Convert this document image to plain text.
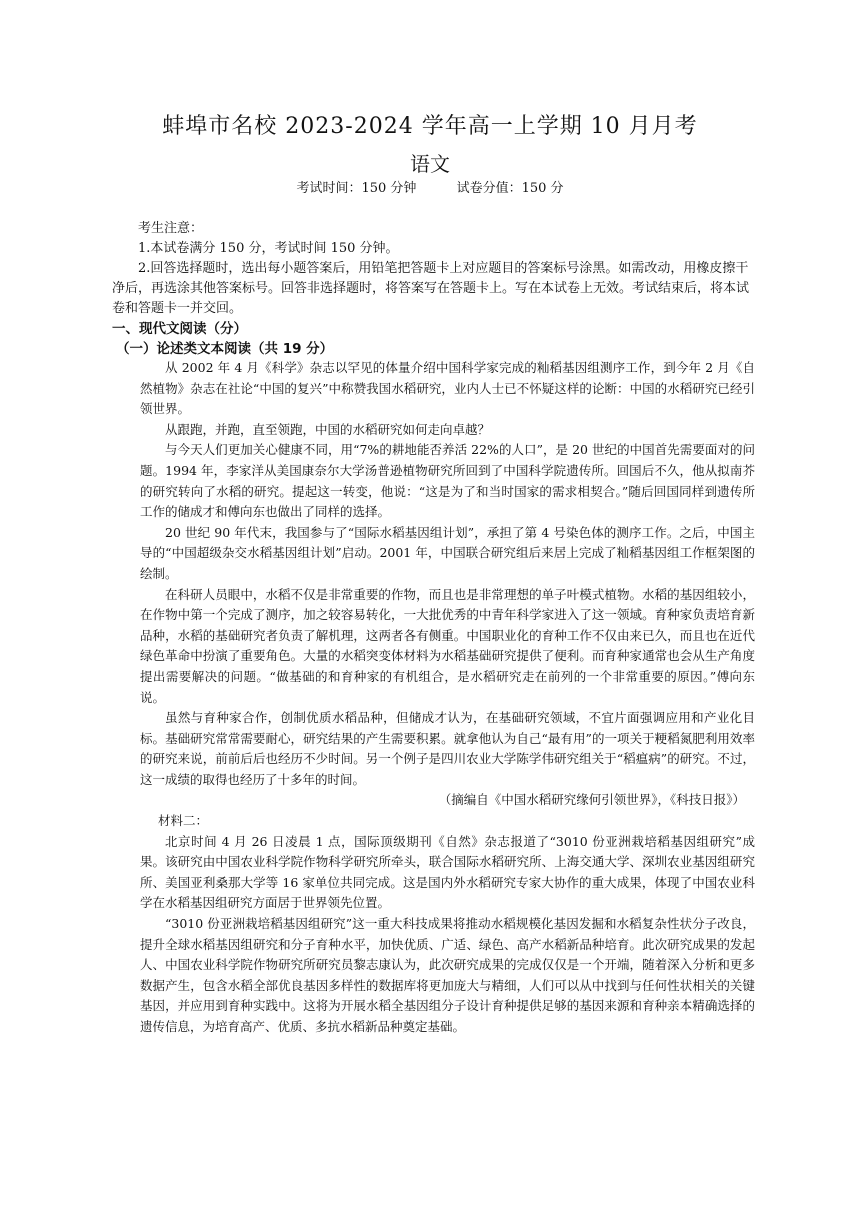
蚌埠市名校 2023-2024 学年高一上学期 10 月月考
语文
考试时间：150 分钟	试卷分值：150 分

考生注意：

1.本试卷满分 150 分，考试时间 150 分钟。

2.回答选择题时，选出每小题答案后，用铅笔把答题卡上对应题目的答案标号涂黑。如需改动，用橡皮擦干净后，再选涂其他答案标号。回答非选择题时，将答案写在答题卡上。写在本试卷上无效。考试结束后，将本试卷和答题卡一并交回。

一、现代文阅读（分）
（一）论述类文本阅读（共 19 分）

从 2002 年 4 月《科学》杂志以罕见的体量介绍中国科学家完成的籼稻基因组测序工作，到今年 2 月《自然植物》杂志在社论“中国的复兴”中称赞我国水稻研究，业内人士已不怀疑这样的论断：中国的水稻研究已经引领世界。

从跟跑，并跑，直至领跑，中国的水稻研究如何走向卓越？

与今天人们更加关心健康不同，用“7%的耕地能否养活 22%的人口”，是 20 世纪的中国首先需要面对的问题。1994 年，李家洋从美国康奈尔大学汤普逊植物研究所回到了中国科学院遗传所。回国后不久，他从拟南芥的研究转向了水稻的研究。提起这一转变，他说：“这是为了和当时国家的需求相契合。”随后回国同样到遗传所工作的储成才和傅向东也做出了同样的选择。

20 世纪 90 年代末，我国参与了“国际水稻基因组计划”，承担了第 4 号染色体的测序工作。之后，中国主导的“中国超级杂交水稻基因组计划”启动。2001 年，中国联合研究组后来居上完成了籼稻基因组工作框架图的绘制。

在科研人员眼中，水稻不仅是非常重要的作物，而且也是非常理想的单子叶模式植物。水稻的基因组较小，在作物中第一个完成了测序，加之较容易转化，一大批优秀的中青年科学家进入了这一领域。育种家负责培育新品种，水稻的基础研究者负责了解机理，这两者各有侧重。中国职业化的育种工作不仅由来已久，而且也在近代绿色革命中扮演了重要角色。大量的水稻突变体材料为水稻基础研究提供了便利。而育种家通常也会从生产角度提出需要解决的问题。“做基础的和育种家的有机组合，是水稻研究走在前列的一个非常重要的原因。”傅向东说。

虽然与育种家合作，创制优质水稻品种，但储成才认为，在基础研究领域，不宜片面强调应用和产业化目标。基础研究常常需要耐心，研究结果的产生需要积累。就拿他认为自己“最有用”的一项关于粳稻氮肥利用效率的研究来说，前前后后也经历不少时间。另一个例子是四川农业大学陈学伟研究组关于“稻瘟病”的研究。不过，这一成绩的取得也经历了十多年的时间。

（摘编自《中国水稻研究缘何引领世界》，《科技日报》）

材料二：

北京时间 4 月 26 日凌晨 1 点，国际顶级期刊《自然》杂志报道了“3010 份亚洲栽培稻基因组研究”成果。该研究由中国农业科学院作物科学研究所牵头，联合国际水稻研究所、上海交通大学、深圳农业基因组研究所、美国亚利桑那大学等 16 家单位共同完成。这是国内外水稻研究专家大协作的重大成果，体现了中国农业科学在水稻基因组研究方面居于世界领先位置。

“3010 份亚洲栽培稻基因组研究”这一重大科技成果将推动水稻规模化基因发掘和水稻复杂性状分子改良，提升全球水稻基因组研究和分子育种水平，加快优质、广适、绿色、高产水稻新品种培育。此次研究成果的发起人、中国农业科学院作物研究所研究员黎志康认为，此次研究成果的完成仅仅是一个开端，随着深入分析和更多数据产生，包含水稻全部优良基因多样性的数据库将更加庞大与精细，人们可以从中找到与任何性状相关的关键基因，并应用到育种实践中。这将为开展水稻全基因组分子设计育种提供足够的基因来源和育种亲本精确选择的遗传信息，为培育高产、优质、多抗水稻新品种奠定基础。
